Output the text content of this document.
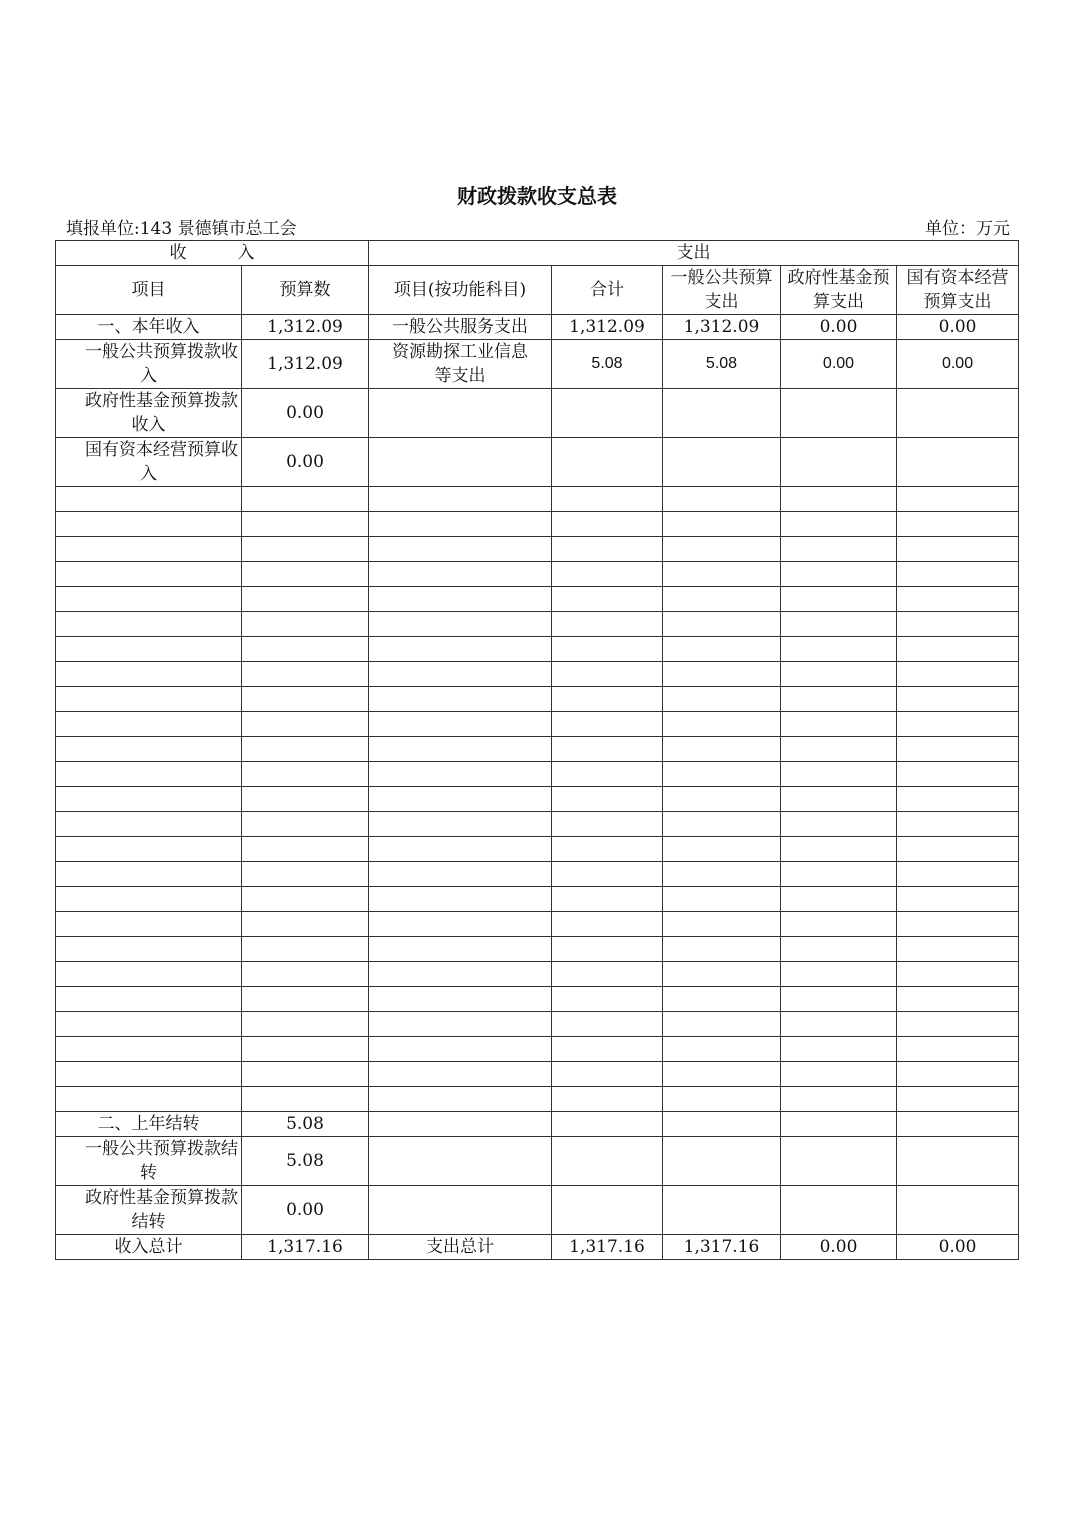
财政拨款收支总表
填报单位:143 景德镇市总工会	单位：万元
收　　　入		支出				
项目	预算数	项目(按功能科目)	合计	一般公共预算支出	政府性基金预算支出	国有资本经营预算支出

一、本年收入	1,312.09	一般公共服务支出	1,312.09	1,312.09	0.00	0.00

一般公共预算拨款收入	1,312.09	资源勘探工业信息等支出	5.08	5.08	0.00	0.00

政府性基金预算拨款收入	0.00					

国有资本经营预算收入	0.00					

二、上年结转	5.08					

一般公共预算拨款结转	5.08					

政府性基金预算拨款结转	0.00					
收入总计	1,317.16	支出总计	1,317.16	1,317.16	0.00	0.00
